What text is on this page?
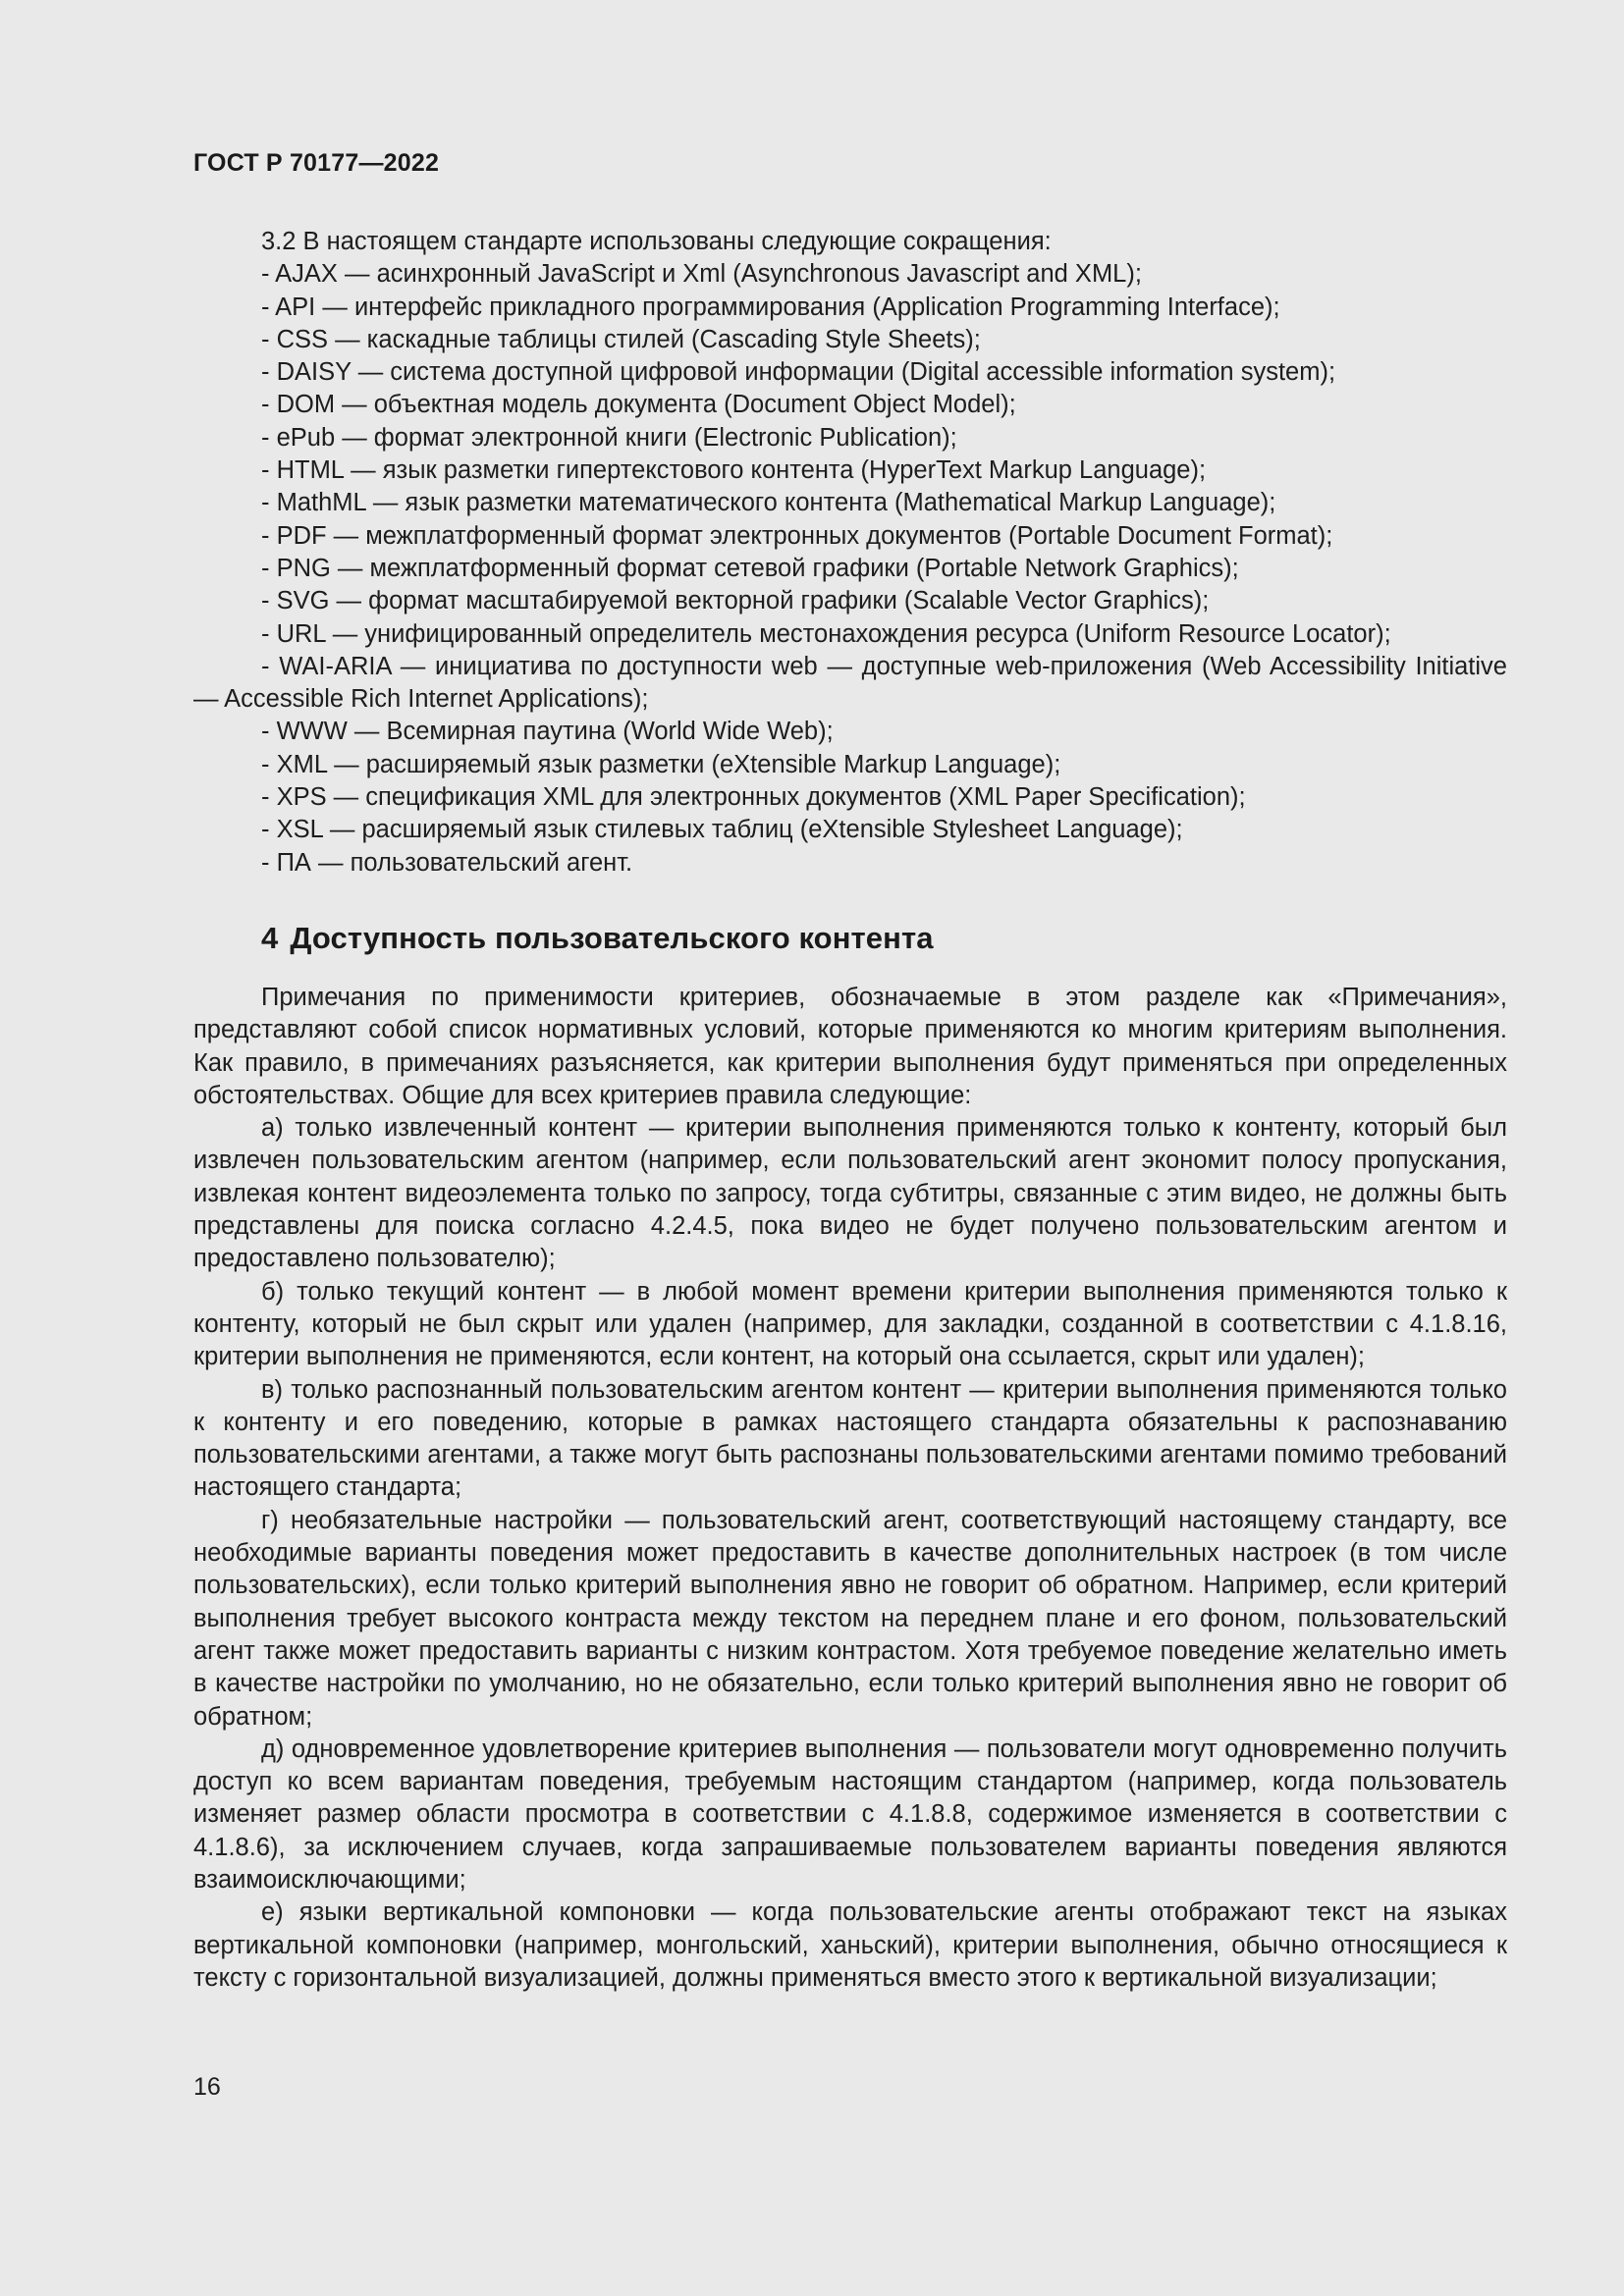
ГОСТ Р 70177—2022

3.2 В настоящем стандарте использованы следующие сокращения:

- AJAX — асинхронный JavaScript и Xml (Asynchronous Javascript and XML);

- API — интерфейс прикладного программирования (Application Programming Interface);

- CSS — каскадные таблицы стилей (Cascading Style Sheets);

- DAISY — система доступной цифровой информации (Digital accessible information system);

- DOM — объектная модель документа (Document Object Model);

- ePub — формат электронной книги (Electronic Publication);

- HTML — язык разметки гипертекстового контента (HyperText Markup Language);

- MathML — язык разметки математического контента (Mathematical Markup Language);

- PDF — межплатформенный формат электронных документов (Portable Document Format);

- PNG — межплатформенный формат сетевой графики (Portable Network Graphics);

- SVG — формат масштабируемой векторной графики (Scalable Vector Graphics);

- URL — унифицированный определитель местонахождения ресурса (Uniform Resource Locator);

- WAI-ARIA — инициатива по доступности web — доступные web-приложения (Web Accessibility Initiative — Accessible Rich Internet Applications);

- WWW — Всемирная паутина (World Wide Web);

- XML — расширяемый язык разметки (eXtensible Markup Language);

- XPS — спецификация XML для электронных документов (XML Paper Specification);

- XSL — расширяемый язык стилевых таблиц (eXtensible Stylesheet Language);

- ПА — пользовательский агент.

4 Доступность пользовательского контента

Примечания по применимости критериев, обозначаемые в этом разделе как «Примечания», представляют собой список нормативных условий, которые применяются ко многим критериям выполнения. Как правило, в примечаниях разъясняется, как критерии выполнения будут применяться при определенных обстоятельствах. Общие для всех критериев правила следующие:

а) только извлеченный контент — критерии выполнения применяются только к контенту, который был извлечен пользовательским агентом (например, если пользовательский агент экономит полосу пропускания, извлекая контент видеоэлемента только по запросу, тогда субтитры, связанные с этим видео, не должны быть представлены для поиска согласно 4.2.4.5, пока видео не будет получено пользовательским агентом и предоставлено пользователю);

б) только текущий контент — в любой момент времени критерии выполнения применяются только к контенту, который не был скрыт или удален (например, для закладки, созданной в соответствии с 4.1.8.16, критерии выполнения не применяются, если контент, на который она ссылается, скрыт или удален);

в) только распознанный пользовательским агентом контент — критерии выполнения применяются только к контенту и его поведению, которые в рамках настоящего стандарта обязательны к распознаванию пользовательскими агентами, а также могут быть распознаны пользовательскими агентами помимо требований настоящего стандарта;

г) необязательные настройки — пользовательский агент, соответствующий настоящему стандарту, все необходимые варианты поведения может предоставить в качестве дополнительных настроек (в том числе пользовательских), если только критерий выполнения явно не говорит об обратном. Например, если критерий выполнения требует высокого контраста между текстом на переднем плане и его фоном, пользовательский агент также может предоставить варианты с низким контрастом. Хотя требуемое поведение желательно иметь в качестве настройки по умолчанию, но не обязательно, если только критерий выполнения явно не говорит об обратном;

д) одновременное удовлетворение критериев выполнения — пользователи могут одновременно получить доступ ко всем вариантам поведения, требуемым настоящим стандартом (например, когда пользователь изменяет размер области просмотра в соответствии с 4.1.8.8, содержимое изменяется в соответствии с 4.1.8.6), за исключением случаев, когда запрашиваемые пользователем варианты поведения являются взаимоисключающими;

е) языки вертикальной компоновки — когда пользовательские агенты отображают текст на языках вертикальной компоновки (например, монгольский, ханьский), критерии выполнения, обычно относящиеся к тексту с горизонтальной визуализацией, должны применяться вместо этого к вертикальной визуализации;

16
